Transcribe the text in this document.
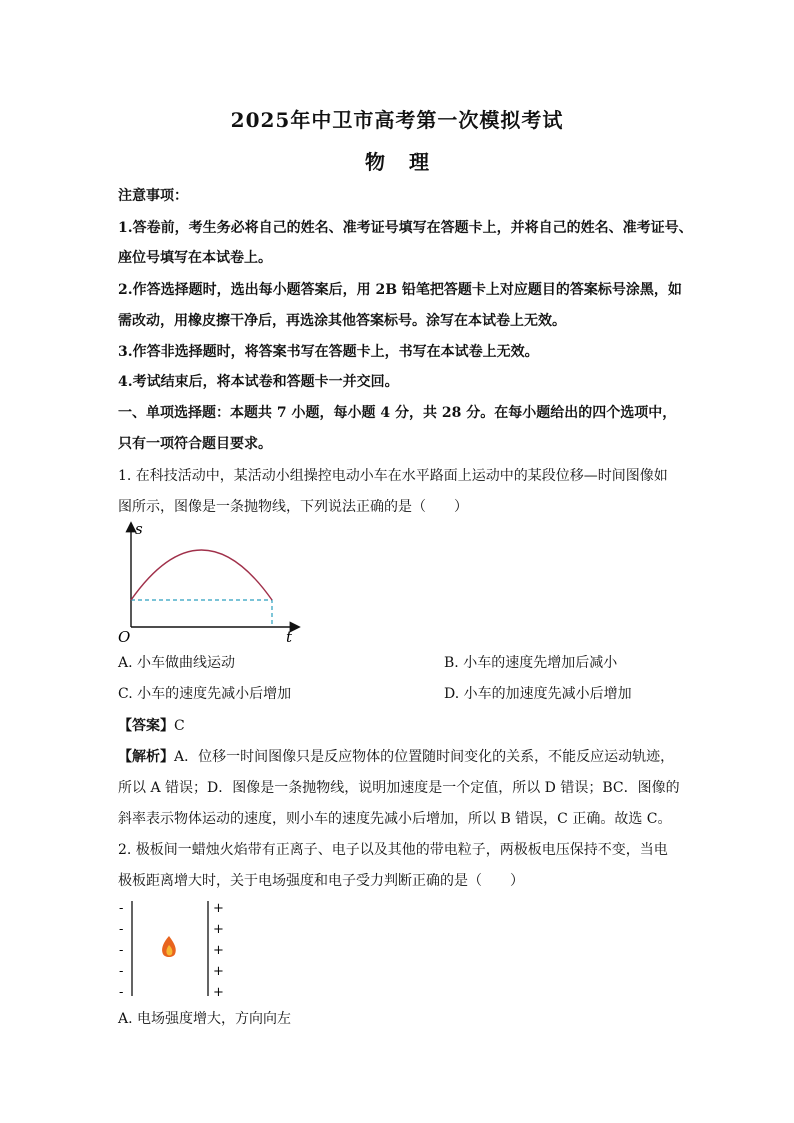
2025年中卫市高考第一次模拟考试
物理
注意事项：
1.答卷前，考生务必将自己的姓名、准考证号填写在答题卡上，并将自己的姓名、准考证号、
座位号填写在本试卷上。
2.作答选择题时，选出每小题答案后，用 2B 铅笔把答题卡上对应题目的答案标号涂黑，如
需改动，用橡皮擦干净后，再选涂其他答案标号。涂写在本试卷上无效。
3.作答非选择题时，将答案书写在答题卡上，书写在本试卷上无效。
4.考试结束后，将本试卷和答题卡一并交回。
一、单项选择题：本题共 7 小题，每小题 4 分，共 28 分。在每小题给出的四个选项中，
只有一项符合题目要求。
1. 在科技活动中，某活动小组操控电动小车在水平路面上运动中的某段位移—时间图像如
图所示，图像是一条抛物线，下列说法正确的是（　　）
s
t
O
A. 小车做曲线运动	B. 小车的速度先增加后减小
C. 小车的速度先减小后增加	D. 小车的加速度先减小后增加
【答案】C
【解析】A．位移一时间图像只是反应物体的位置随时间变化的关系，不能反应运动轨迹，
所以 A 错误；D．图像是一条抛物线，说明加速度是一个定值，所以 D 错误；BC．图像的
斜率表示物体运动的速度，则小车的速度先减小后增加，所以 B 错误，C 正确。故选 C。
2. 极板间一蜡烛火焰带有正离子、电子以及其他的带电粒子，两极板电压保持不变，当电
极板距离增大时，关于电场强度和电子受力判断正确的是（　　）
-
-
-
-
-
+
+
+
+
+
A. 电场强度增大，方向向左
